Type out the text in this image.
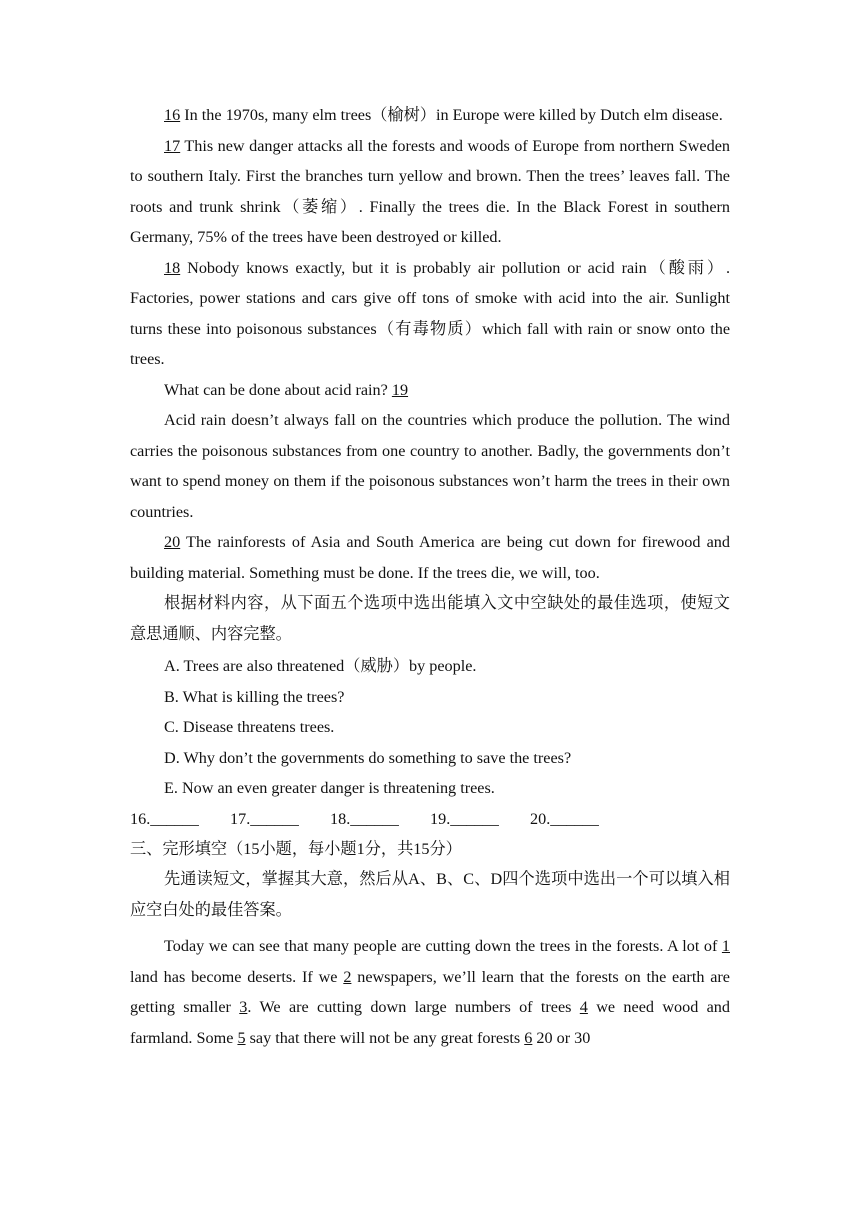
16 In the 1970s, many elm trees（榆树）in Europe were killed by Dutch elm disease.

17 This new danger attacks all the forests and woods of Europe from northern Sweden to southern Italy. First the branches turn yellow and brown. Then the trees’ leaves fall. The roots and trunk shrink（萎缩）. Finally the trees die. In the Black Forest in southern Germany, 75% of the trees have been destroyed or killed.

18 Nobody knows exactly, but it is probably air pollution or acid rain（酸雨）. Factories, power stations and cars give off tons of smoke with acid into the air. Sunlight turns these into poisonous substances（有毒物质）which fall with rain or snow onto the trees.

What can be done about acid rain? 19

Acid rain doesn’t always fall on the countries which produce the pollution. The wind carries the poisonous substances from one country to another. Badly, the governments don’t want to spend money on them if the poisonous substances won’t harm the trees in their own countries.

20 The rainforests of Asia and South America are being cut down for firewood and building material. Something must be done. If the trees die, we will, too.

根据材料内容，从下面五个选项中选出能填入文中空缺处的最佳选项，使短文意思通顺、内容完整。

A. Trees are also threatened（威胁）by people.

B. What is killing the trees?

C. Disease threatens trees.

D. Why don’t the governments do something to save the trees?

E. Now an even greater danger is threatening trees.

16.______	17.______	18.______	19.______	20.______

三、完形填空（15小题，每小题1分，共15分）

先通读短文，掌握其大意，然后从A、B、C、D四个选项中选出一个可以填入相应空白处的最佳答案。

Today we can see that many people are cutting down the trees in the forests. A lot of 1 land has become deserts. If we 2 newspapers, we’ll learn that the forests on the earth are getting smaller 3. We are cutting down large numbers of trees 4 we need wood and farmland. Some 5 say that there will not be any great forests 6 20 or 30
